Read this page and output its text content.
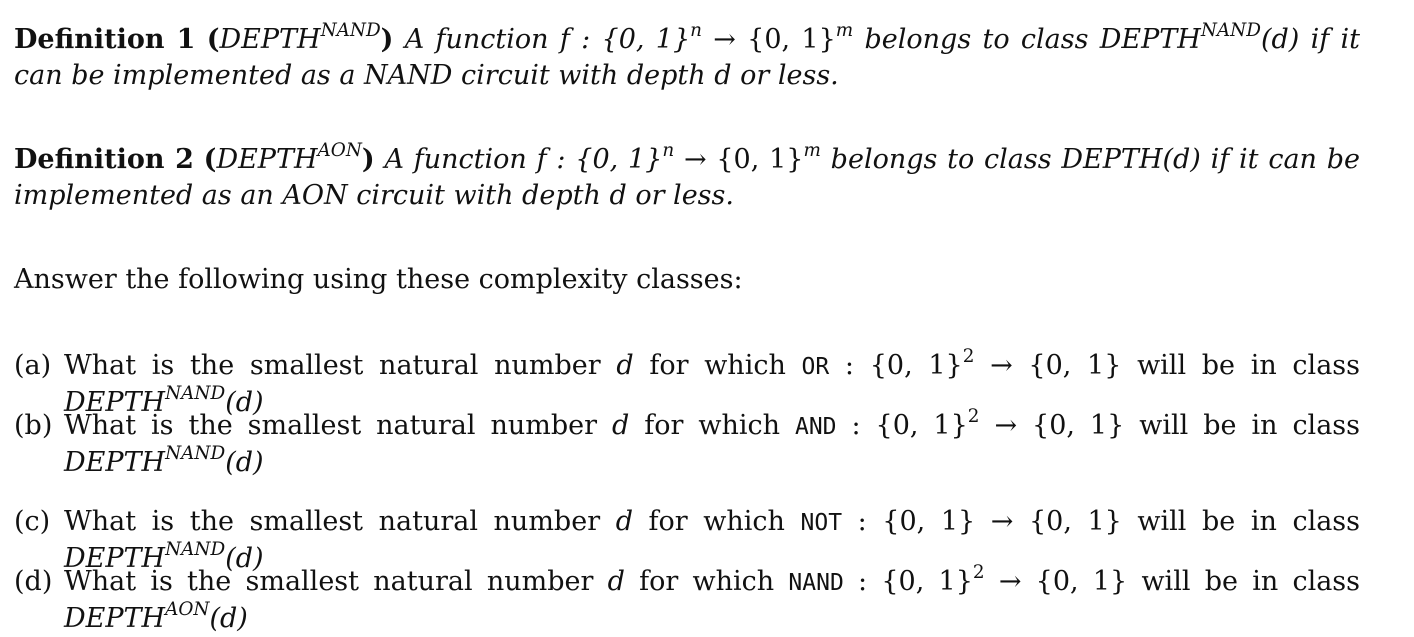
Definition 1 $(DEPTH^{NAND})$ A function f : {0, 1}$^n$ → {0, 1}$^m$ belongs to class $DEPTH^{NAND}(d)$ if it can be implemented as a NAND circuit with depth d or less.
Definition 2 $(DEPTH^{AON})$ A function f : {0, 1}$^n$ → {0, 1}$^m$ belongs to class DEPTH(d) if it can be implemented as an AON circuit with depth d or less.
Answer the following using these complexity classes:
(a) What is the smallest natural number d for which OR : {0, 1}$^2$ → {0, 1} will be in class $DEPTH^{NAND}(d)$
(b) What is the smallest natural number d for which AND : {0, 1}$^2$ → {0, 1} will be in class $DEPTH^{NAND}(d)$
(c) What is the smallest natural number d for which NOT : {0, 1} → {0, 1} will be in class $DEPTH^{NAND}(d)$
(d) What is the smallest natural number d for which NAND : {0, 1}$^2$ → {0, 1} will be in class $DEPTH^{AON}(d)$
